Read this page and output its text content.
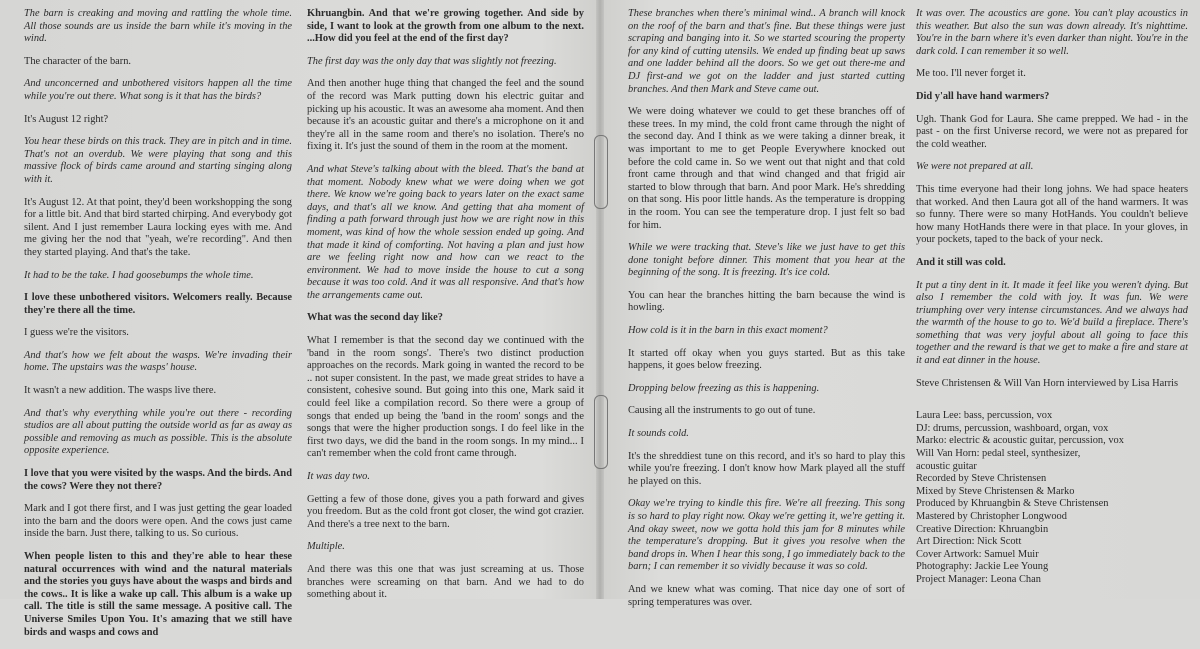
The barn is creaking and moving and rattling the whole time. All those sounds are us inside the barn while it's moving in the wind.

The character of the barn.

And unconcerned and unbothered visitors happen all the time while you're out there. What song is it that has the birds?

It's August 12 right?

You hear these birds on this track. They are in pitch and in time. That's not an overdub. We were playing that song and this massive flock of birds came around and starting singing along with it.

It's August 12. At that point, they'd been workshopping the song for a little bit. And that bird started chirping. And everybody got silent. And I just remember Laura locking eyes with me. And me giving her the nod that "yeah, we're recording". And then they started playing. And that's the take.

It had to be the take. I had goosebumps the whole time.

I love these unbothered visitors. Welcomers really. Because they're there all the time.

I guess we're the visitors.

And that's how we felt about the wasps. We're invading their home. The upstairs was the wasps' house.

It wasn't a new addition. The wasps live there.

And that's why everything while you're out there - recording studios are all about putting the outside world as far as away as possible and removing as much as possible. This is the absolute opposite experience.

I love that you were visited by the wasps. And the birds. And the cows? Were they not there?

Mark and I got there first, and I was just getting the gear loaded into the barn and the doors were open. And the cows just came inside the barn. Just there, talking to us. So curious.

When people listen to this and they're able to hear these natural occurrences with wind and the natural materials and the stories you guys have about the wasps and birds and the cows.. It is like a wake up call. This album is a wake up call. The title is still the same message. A positive call. The Universe Smiles Upon You. It's amazing that we still have birds and wasps and cows and

Khruangbin. And that we're growing together. And side by side, I want to look at the growth from one album to the next. ...How did you feel at the end of the first day?

The first day was the only day that was slightly not freezing.

And then another huge thing that changed the feel and the sound of the record was Mark putting down his electric guitar and picking up his acoustic. It was an awesome aha moment. And then because it's an acoustic guitar and there's a microphone on it and they're all in the same room and there's no isolation. There's no fixing it. It's just the sound of them in the room at the moment.

And what Steve's talking about with the bleed. That's the band at that moment. Nobody knew what we were doing when we got there. We know we're going back to years later on the exact same days, and that's all we know. And getting that aha moment of finding a path forward through just how we are right now in this moment, was kind of how the whole session ended up going. And that made it kind of comforting. Not having a plan and just how are we feeling right now and how can we react to the environment. We had to move inside the house to cut a song because it was too cold. And it was all responsive. And that's how the arrangements came out.

What was the second day like?

What I remember is that the second day we continued with the 'band in the room songs'. There's two distinct production approaches on the records. Mark going in wanted the record to be .. not super consistent. In the past, we made great strides to have a consistent, cohesive sound. But going into this one, Mark said it could feel like a compilation record. So there were a group of songs that ended up being the 'band in the room' songs and the songs that were the higher production songs. I do feel like in the first two days, we did the band in the room songs. In my mind... I can't remember when the cold front came through.

It was day two.

Getting a few of those done, gives you a path forward and gives you freedom. But as the cold front got closer, the wind got crazier. And there's a tree next to the barn.

Multiple.

And there was this one that was just screaming at us. Those branches were screaming on that barn. And we had to do something about it.

These branches when there's minimal wind.. A branch will knock on the roof of the barn and that's fine. But these things were just scraping and banging into it. So we started scouring the property for any kind of cutting utensils. We ended up finding beat up saws and one ladder behind all the doors. So we get out there-me and DJ first-and we got on the ladder and just started cutting branches. And then Mark and Steve came out.

We were doing whatever we could to get these branches off of these trees. In my mind, the cold front came through the night of the second day. And I think as we were taking a dinner break, it was important to me to get People Everywhere knocked out before the cold came in. So we went out that night and that cold front came through and that wind changed and that frigid air started to blow through that barn. And poor Mark. He's shredding on that song. His poor little hands. As the temperature is dropping in the room. You can see the temperature drop. I just felt so bad for him.

While we were tracking that. Steve's like we just have to get this done tonight before dinner. This moment that you hear at the beginning of the song. It is freezing. It's ice cold.

You can hear the branches hitting the barn because the wind is howling.

How cold is it in the barn in this exact moment?

It started off okay when you guys started. But as this take happens, it goes below freezing.

Dropping below freezing as this is happening.

Causing all the instruments to go out of tune.

It sounds cold.

It's the shreddiest tune on this record, and it's so hard to play this while you're freezing. I don't know how Mark played all the stuff he played on this.

Okay we're trying to kindle this fire. We're all freezing. This song is so hard to play right now. Okay we're getting it, we're getting it. And okay sweet, now we gotta hold this jam for 8 minutes while the temperature's dropping. But it gives you resolve when the band drops in. When I hear this song, I go immediately back to the barn; I can remember it so vividly because it was so cold.

And we knew what was coming. That nice day one of sort of spring temperatures was over.

It was over. The acoustics are gone. You can't play acoustics in this weather. But also the sun was down already. It's nighttime. You're in the barn where it's even darker than night. You're in the dark cold. I can remember it so well.

Me too. I'll never forget it.

Did y'all have hand warmers?

Ugh. Thank God for Laura. She came prepped. We had - in the past - on the first Universe record, we were not as prepared for the cold weather.

We were not prepared at all.

This time everyone had their long johns. We had space heaters that worked. And then Laura got all of the hand warmers. It was so funny. There were so many HotHands. You couldn't believe how many HotHands there were in that place. In your gloves, in your pockets, taped to the back of your neck.

And it still was cold.

It put a tiny dent in it. It made it feel like you weren't dying. But also I remember the cold with joy. It was fun. We were triumphing over very intense circumstances. And we always had the warmth of the house to go to. We'd build a fireplace. There's something that was very joyful about all going to face this together and the reward is that we get to make a fire and stare at it and eat dinner in the house.

Steve Christensen & Will Van Horn interviewed by Lisa Harris

Laura Lee: bass, percussion, vox

DJ: drums, percussion, washboard, organ, vox

Marko: electric & acoustic guitar, percussion, vox

Will Van Horn: pedal steel, synthesizer,

acoustic guitar

Recorded by Steve Christensen

Mixed by Steve Christensen & Marko

Produced by Khruangbin & Steve Christensen

Mastered by Christopher Longwood

Creative Direction: Khruangbin

Art Direction: Nick Scott

Cover Artwork: Samuel Muir

Photography: Jackie Lee Young

Project Manager: Leona Chan
